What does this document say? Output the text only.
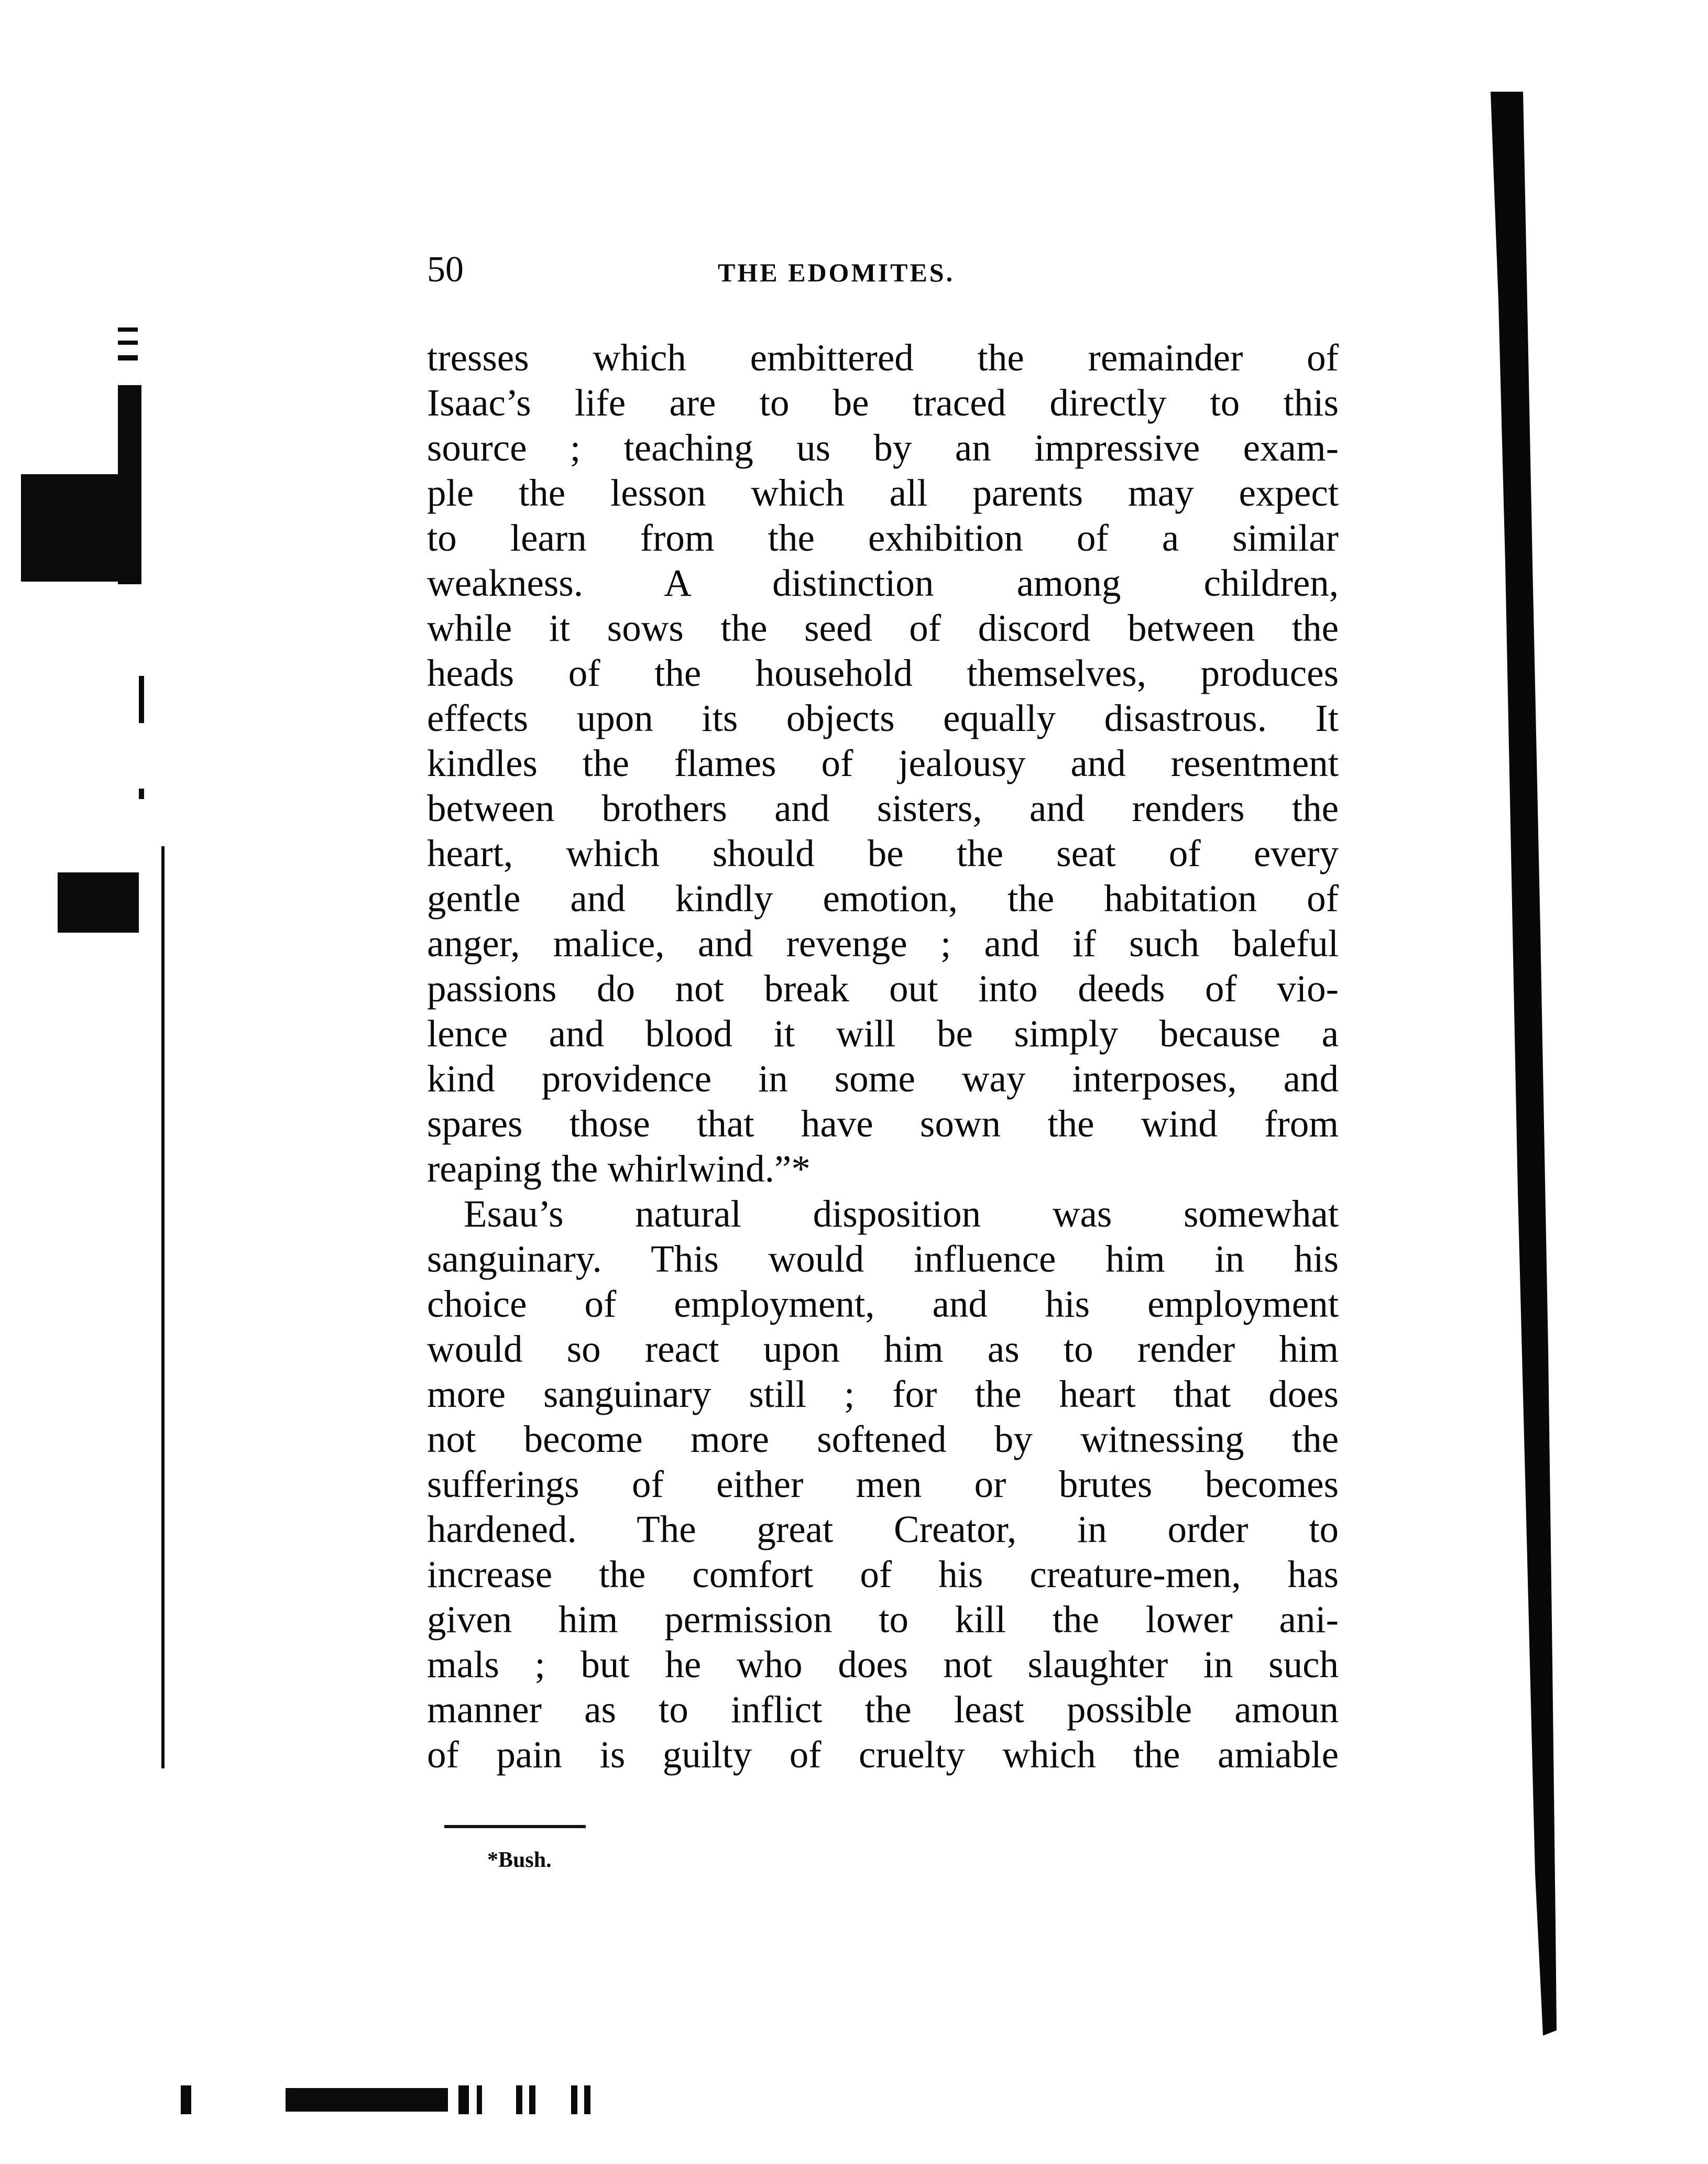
50	THE EDOMITES.
tresses which embittered the remainder of
Isaac’s life are to be traced directly to this
source ; teaching us by an impressive exam-
ple the lesson which all parents may expect
to learn from the exhibition of a similar
weakness. A distinction among children,
while it sows the seed of discord between the
heads of the household themselves, produces
effects upon its objects equally disastrous. It
kindles the flames of jealousy and resentment
between brothers and sisters, and renders the
heart, which should be the seat of every
gentle and kindly emotion, the habitation of
anger, malice, and revenge ; and if such baleful
passions do not break out into deeds of vio-
lence and blood it will be simply because a
kind providence in some way interposes, and
spares those that have sown the wind from
reaping the whirlwind.”*
Esau’s natural disposition was somewhat
sanguinary. This would influence him in his
choice of employment, and his employment
would so react upon him as to render him
more sanguinary still ; for the heart that does
not become more softened by witnessing the
sufferings of either men or brutes becomes
hardened. The great Creator, in order to
increase the comfort of his creature-men, has
given him permission to kill the lower ani-
mals ; but he who does not slaughter in such
manner as to inflict the least possible amoun
of pain is guilty of cruelty which the amiable
*Bush.
